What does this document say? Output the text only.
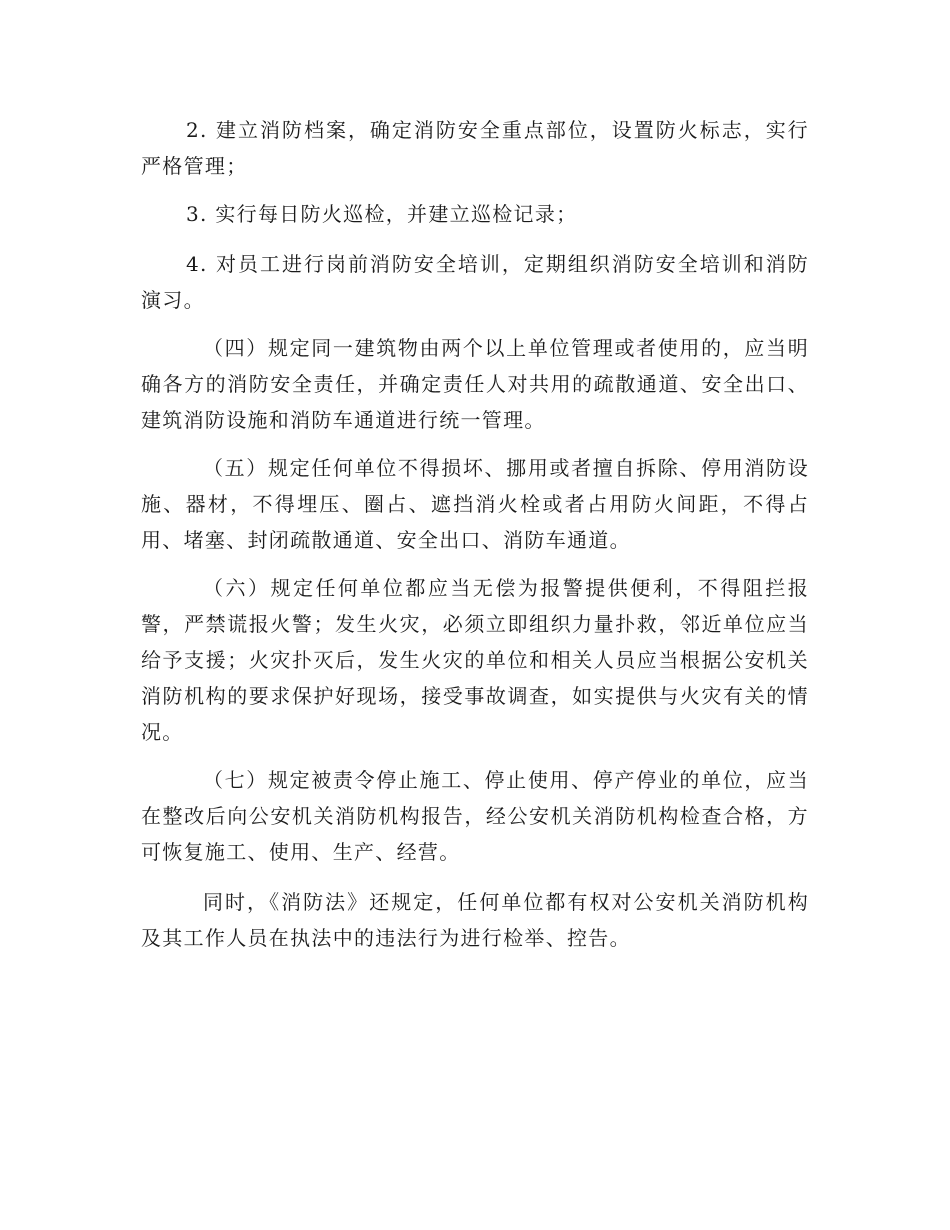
2. 建立消防档案，确定消防安全重点部位，设置防火标志，实行严格管理；

3. 实行每日防火巡检，并建立巡检记录；

4. 对员工进行岗前消防安全培训，定期组织消防安全培训和消防演习。

（四）规定同一建筑物由两个以上单位管理或者使用的，应当明确各方的消防安全责任，并确定责任人对共用的疏散通道、安全出口、建筑消防设施和消防车通道进行统一管理。

（五）规定任何单位不得损坏、挪用或者擅自拆除、停用消防设施、器材，不得埋压、圈占、遮挡消火栓或者占用防火间距，不得占用、堵塞、封闭疏散通道、安全出口、消防车通道。

（六）规定任何单位都应当无偿为报警提供便利，不得阻拦报警，严禁谎报火警；发生火灾，必须立即组织力量扑救，邻近单位应当给予支援；火灾扑灭后，发生火灾的单位和相关人员应当根据公安机关消防机构的要求保护好现场，接受事故调查，如实提供与火灾有关的情况。

（七）规定被责令停止施工、停止使用、停产停业的单位，应当在整改后向公安机关消防机构报告，经公安机关消防机构检查合格，方可恢复施工、使用、生产、经营。

同时，《消防法》还规定，任何单位都有权对公安机关消防机构及其工作人员在执法中的违法行为进行检举、控告。
